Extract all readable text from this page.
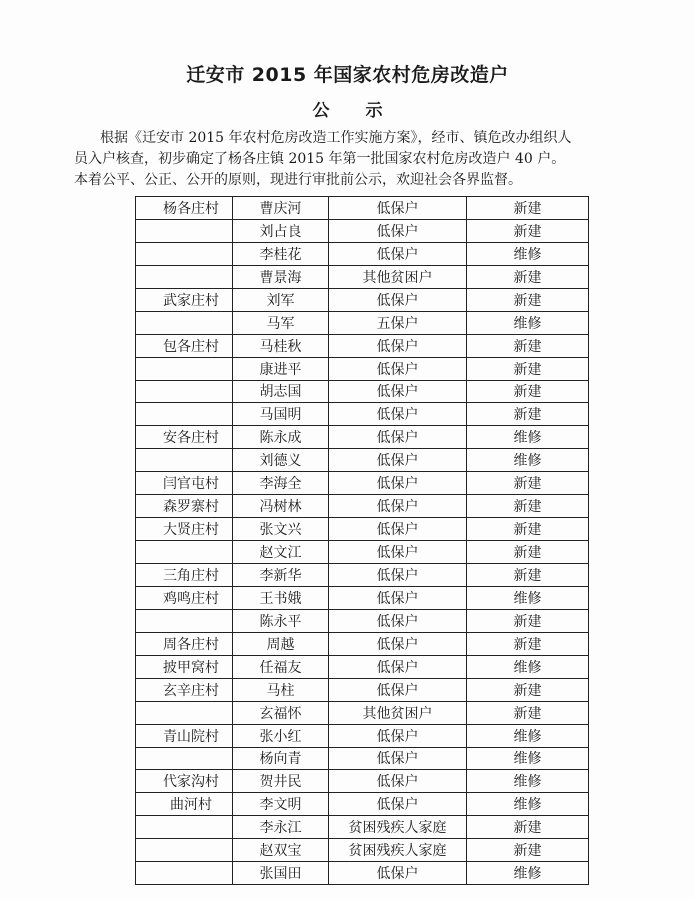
迁安市 2015 年国家农村危房改造户
公示

根据《迁安市 2015 年农村危房改造工作实施方案》，经市、镇危改办组织人

员入户核查，初步确定了杨各庄镇 2015 年第一批国家农村危房改造户 40 户。

本着公平、公正、公开的原则，现进行审批前公示，欢迎社会各界监督。

杨各庄村	曹庆河	低保户	新建
	刘占良	低保户	新建
	李桂花	低保户	维修
	曹景海	其他贫困户	新建
武家庄村	刘军	低保户	新建
	马军	五保户	维修
包各庄村	马桂秋	低保户	新建
	康进平	低保户	新建
	胡志国	低保户	新建
	马国明	低保户	新建
安各庄村	陈永成	低保户	维修
	刘德义	低保户	维修
闫官屯村	李海全	低保户	新建
森罗寨村	冯树林	低保户	新建
大贤庄村	张文兴	低保户	新建
	赵文江	低保户	新建
三角庄村	李新华	低保户	新建
鸡鸣庄村	王书娥	低保户	维修
	陈永平	低保户	新建
周各庄村	周越	低保户	新建
披甲窝村	任福友	低保户	维修
玄辛庄村	马柱	低保户	新建
	玄福怀	其他贫困户	新建
青山院村	张小红	低保户	维修
	杨向青	低保户	维修
代家沟村	贺井民	低保户	维修
曲河村	李文明	低保户	维修
	李永江	贫困残疾人家庭	新建
	赵双宝	贫困残疾人家庭	新建
	张国田	低保户	维修
